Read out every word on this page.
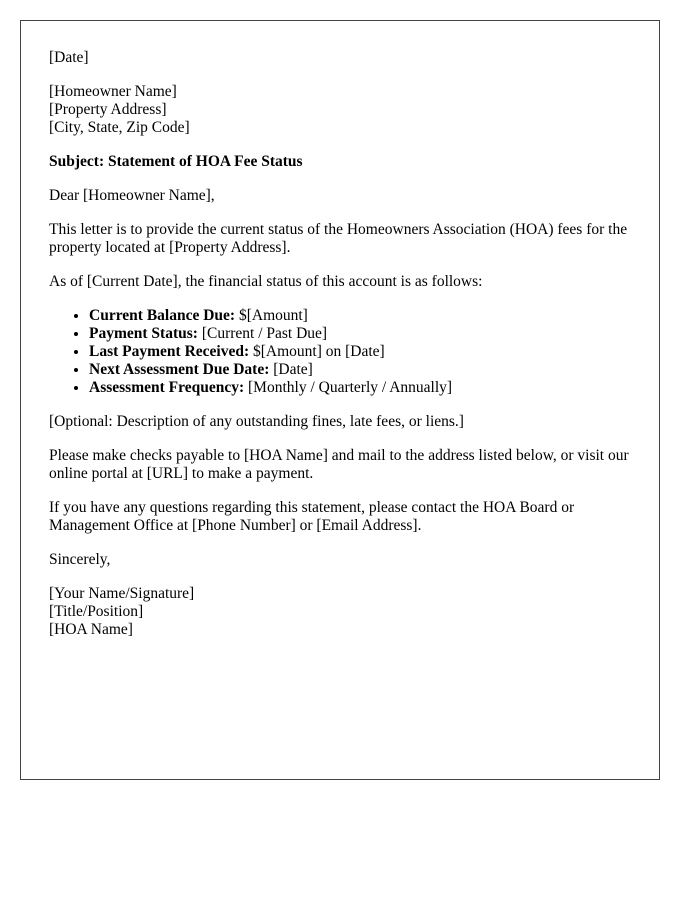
[Date]

[Homeowner Name]
[Property Address]
[City, State, Zip Code]

Subject: Statement of HOA Fee Status

Dear [Homeowner Name],

This letter is to provide the current status of the Homeowners Association (HOA) fees for the property located at [Property Address].

As of [Current Date], the financial status of this account is as follows:

• Current Balance Due: $[Amount]
• Payment Status: [Current / Past Due]
• Last Payment Received: $[Amount] on [Date]
• Next Assessment Due Date: [Date]
• Assessment Frequency: [Monthly / Quarterly / Annually]

[Optional: Description of any outstanding fines, late fees, or liens.]

Please make checks payable to [HOA Name] and mail to the address listed below, or visit our online portal at [URL] to make a payment.

If you have any questions regarding this statement, please contact the HOA Board or Management Office at [Phone Number] or [Email Address].

Sincerely,

[Your Name/Signature]
[Title/Position]
[HOA Name]
